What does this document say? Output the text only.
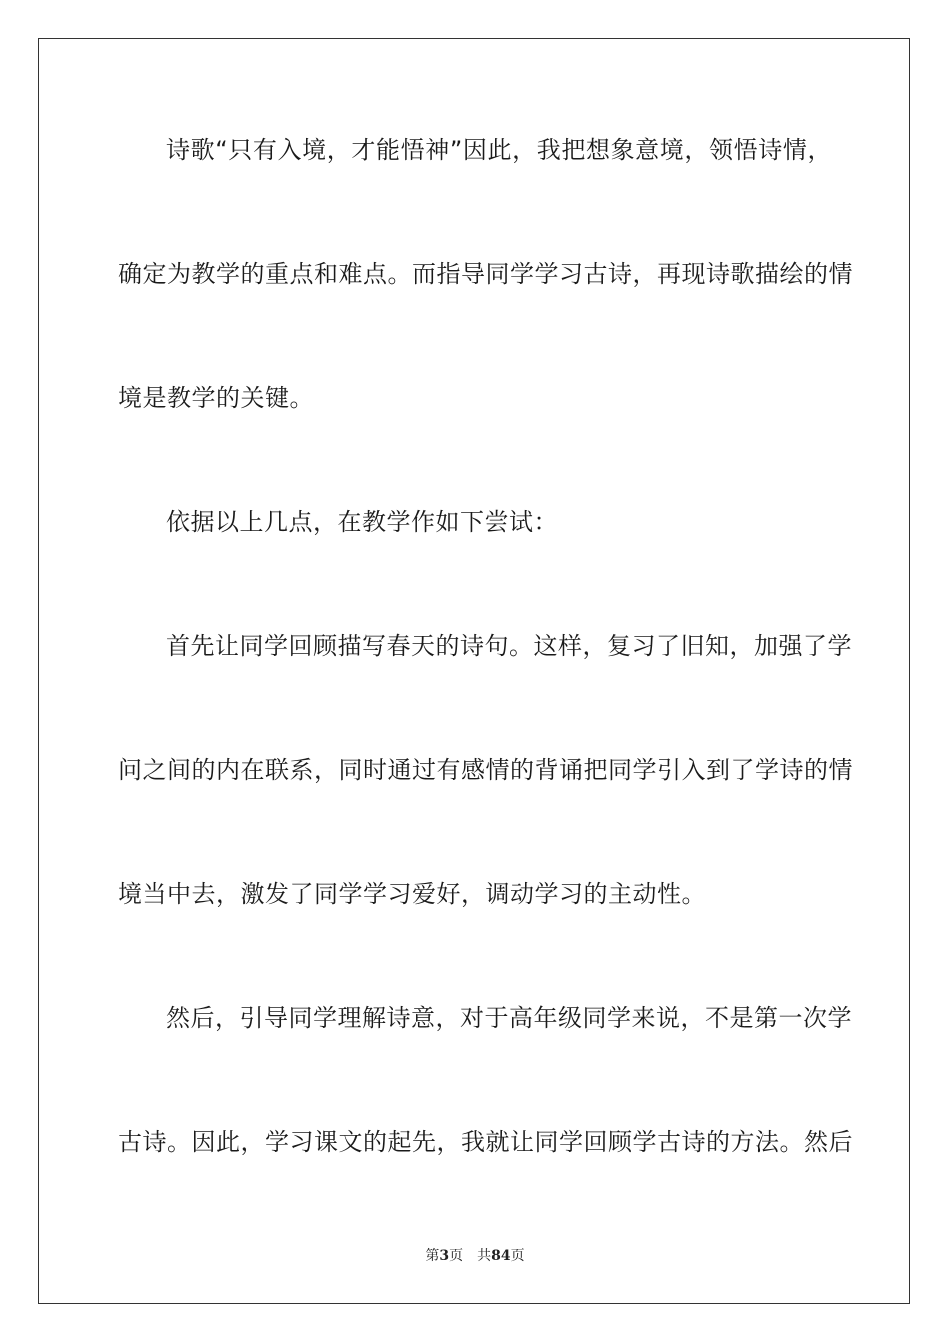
诗歌“只有入境，才能悟神”因此，我把想象意境，领悟诗情，
确定为教学的重点和难点。而指导同学学习古诗，再现诗歌描绘的情
境是教学的关键。
依据以上几点，在教学作如下尝试：
首先让同学回顾描写春天的诗句。这样，复习了旧知，加强了学
问之间的内在联系，同时通过有感情的背诵把同学引入到了学诗的情
境当中去，激发了同学学习爱好，调动学习的主动性。
然后，引导同学理解诗意，对于高年级同学来说，不是第一次学
古诗。因此，学习课文的起先，我就让同学回顾学古诗的方法。然后
第3页 共84页
